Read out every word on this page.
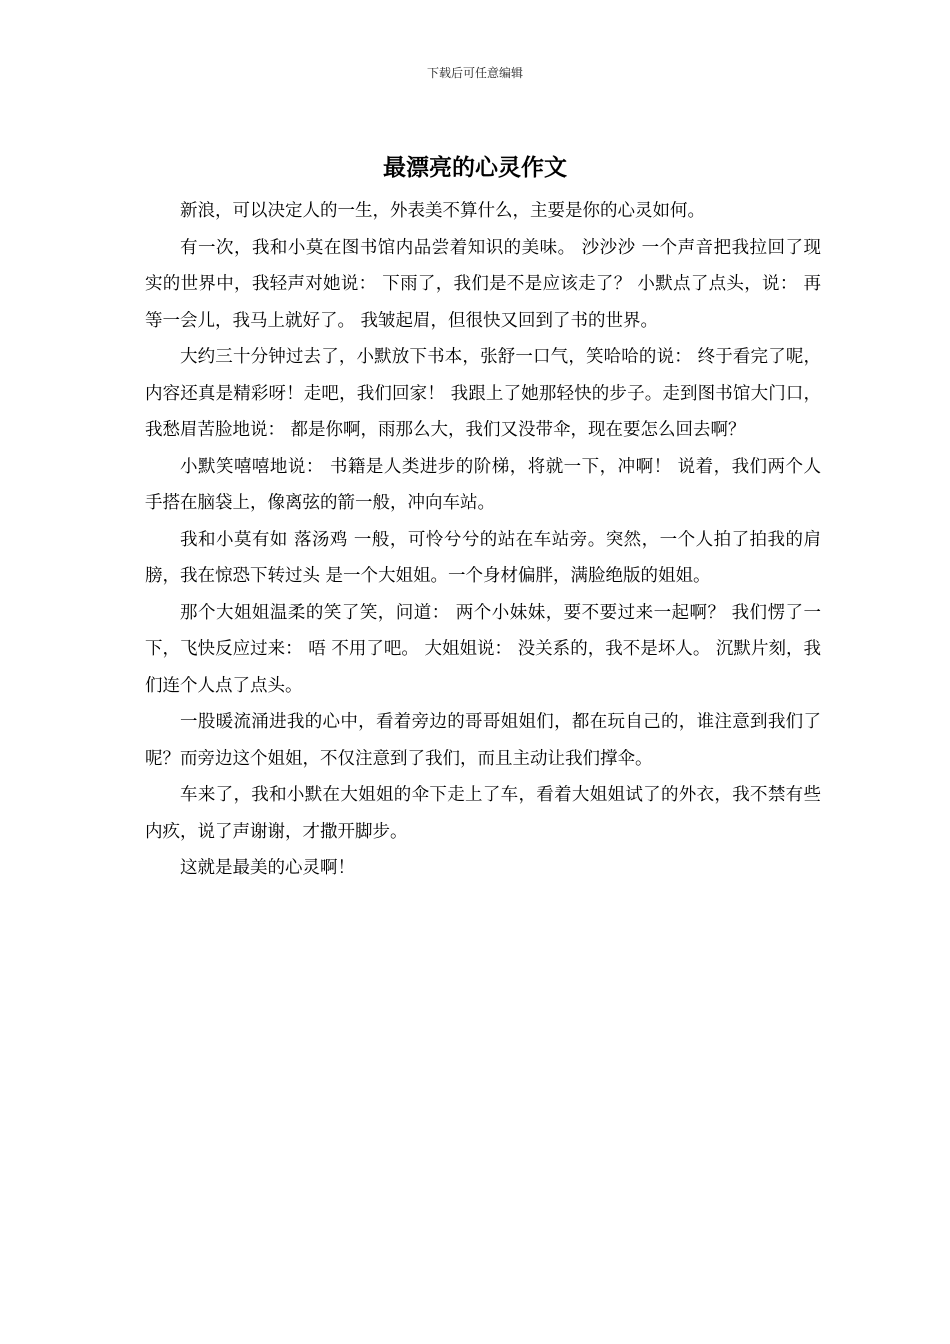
下载后可任意编辑
最漂亮的心灵作文

新浪，可以决定人的一生，外表美不算什么，主要是你的心灵如何。

有一次，我和小莫在图书馆内品尝着知识的美味。 沙沙沙 一个声音把我拉回了现实的世界中，我轻声对她说： 下雨了，我们是不是应该走了？ 小默点了点头，说： 再等一会儿，我马上就好了。 我皱起眉，但很快又回到了书的世界。

大约三十分钟过去了，小默放下书本，张舒一口气，笑哈哈的说： 终于看完了呢，内容还真是精彩呀！走吧，我们回家！ 我跟上了她那轻快的步子。走到图书馆大门口，我愁眉苦脸地说： 都是你啊，雨那么大，我们又没带伞，现在要怎么回去啊？

小默笑嘻嘻地说： 书籍是人类进步的阶梯，将就一下，冲啊！ 说着，我们两个人手搭在脑袋上，像离弦的箭一般，冲向车站。

我和小莫有如 落汤鸡 一般，可怜兮兮的站在车站旁。突然，一个人拍了拍我的肩膀，我在惊恐下转过头 是一个大姐姐。一个身材偏胖，满脸绝版的姐姐。

那个大姐姐温柔的笑了笑，问道： 两个小妹妹，要不要过来一起啊？ 我们愣了一下，飞快反应过来： 唔 不用了吧。 大姐姐说： 没关系的，我不是坏人。 沉默片刻，我们连个人点了点头。

一股暖流涌进我的心中，看着旁边的哥哥姐姐们，都在玩自己的，谁注意到我们了呢？而旁边这个姐姐，不仅注意到了我们，而且主动让我们撑伞。

车来了，我和小默在大姐姐的伞下走上了车，看着大姐姐试了的外衣，我不禁有些内疚，说了声谢谢，才撒开脚步。

这就是最美的心灵啊！
